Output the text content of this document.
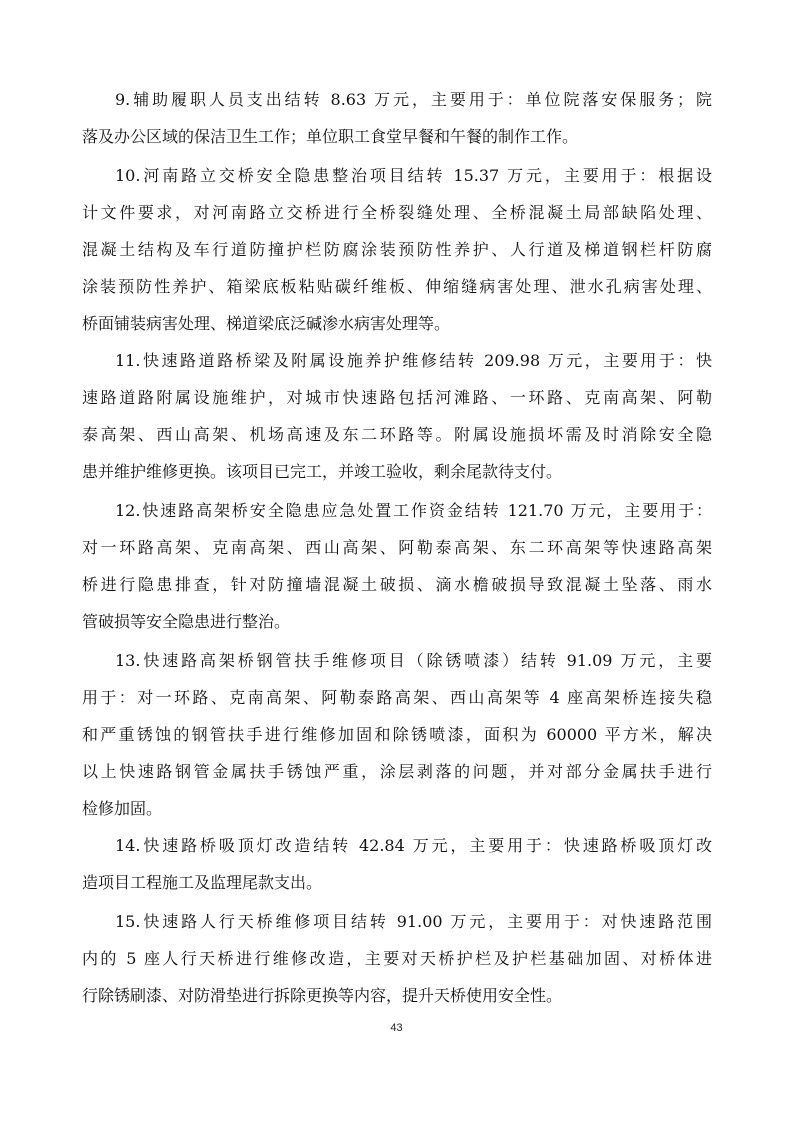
9.辅助履职人员支出结转 8.63 万元，主要用于：单位院落安保服务；院
落及办公区域的保洁卫生工作；单位职工食堂早餐和午餐的制作工作。
10.河南路立交桥安全隐患整治项目结转 15.37 万元，主要用于：根据设
计文件要求，对河南路立交桥进行全桥裂缝处理、全桥混凝土局部缺陷处理、
混凝土结构及车行道防撞护栏防腐涂装预防性养护、人行道及梯道钢栏杆防腐
涂装预防性养护、箱梁底板粘贴碳纤维板、伸缩缝病害处理、泄水孔病害处理、
桥面铺装病害处理、梯道梁底泛碱渗水病害处理等。
11.快速路道路桥梁及附属设施养护维修结转 209.98 万元，主要用于：快
速路道路附属设施维护，对城市快速路包括河滩路、一环路、克南高架、阿勒
泰高架、西山高架、机场高速及东二环路等。附属设施损坏需及时消除安全隐
患并维护维修更换。该项目已完工，并竣工验收，剩余尾款待支付。
12.快速路高架桥安全隐患应急处置工作资金结转 121.70 万元，主要用于：
对一环路高架、克南高架、西山高架、阿勒泰高架、东二环高架等快速路高架
桥进行隐患排查，针对防撞墙混凝土破损、滴水檐破损导致混凝土坠落、雨水
管破损等安全隐患进行整治。
13.快速路高架桥钢管扶手维修项目（除锈喷漆）结转 91.09 万元，主要
用于：对一环路、克南高架、阿勒泰路高架、西山高架等 4 座高架桥连接失稳
和严重锈蚀的钢管扶手进行维修加固和除锈喷漆，面积为 60000 平方米，解决
以上快速路钢管金属扶手锈蚀严重，涂层剥落的问题，并对部分金属扶手进行
检修加固。
14.快速路桥吸顶灯改造结转 42.84 万元，主要用于：快速路桥吸顶灯改
造项目工程施工及监理尾款支出。
15.快速路人行天桥维修项目结转 91.00 万元，主要用于：对快速路范围
内的 5 座人行天桥进行维修改造，主要对天桥护栏及护栏基础加固、对桥体进
行除锈刷漆、对防滑垫进行拆除更换等内容，提升天桥使用安全性。
43
